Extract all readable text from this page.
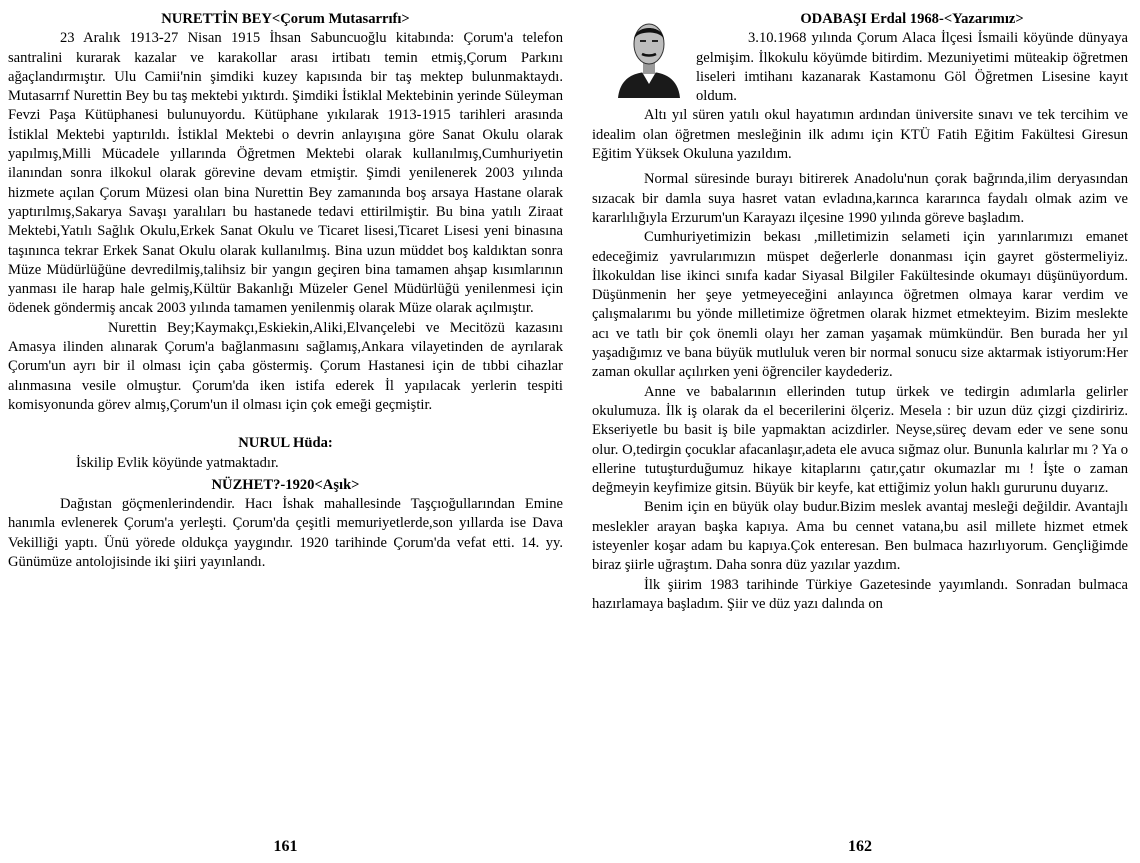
NURETTİN BEY<Çorum Mutasarrıfı>

23 Aralık 1913-27 Nisan 1915 İhsan Sabuncuoğlu kitabında: Çorum'a telefon santralini kurarak kazalar ve karakollar arası irtibatı temin etmiş,Çorum Parkını ağaçlandırmıştır. Ulu Camii'nin şimdiki kuzey kapısında bir taş mektep bulunmaktaydı. Mutasarrıf Nurettin Bey bu taş mektebi yıktırdı. Şimdiki İstiklal Mektebinin yerinde Süleyman Fevzi Paşa Kütüphanesi bulunuyordu. Kütüphane yıkılarak 1913-1915 tarihleri arasında İstiklal Mektebi yaptırıldı. İstiklal Mektebi o devrin anlayışına göre Sanat Okulu olarak yapılmış,Milli Mücadele yıllarında Öğretmen Mektebi olarak kullanılmış,Cumhuriyetin ilanından sonra ilkokul olarak görevine devam etmiştir. Şimdi yenilenerek 2003 yılında hizmete açılan Çorum Müzesi olan bina Nurettin Bey zamanında boş arsaya Hastane olarak yaptırılmış,Sakarya Savaşı yaralıları bu hastanede tedavi ettirilmiştir. Bu bina yatılı Ziraat Mektebi,Yatılı Sağlık Okulu,Erkek Sanat Okulu ve Ticaret lisesi,Ticaret Lisesi yeni binasına taşınınca tekrar Erkek Sanat Okulu olarak kullanılmış. Bina uzun müddet boş kaldıktan sonra Müze Müdürlüğüne devredilmiş,talihsiz bir yangın geçiren bina tamamen ahşap kısımlarının yanması ile harap hale gelmiş,Kültür Bakanlığı Müzeler Genel Müdürlüğü yenilenmesi için ödenek göndermiş ancak 2003 yılında tamamen yenilenmiş olarak Müze olarak açılmıştır.

Nurettin Bey;Kaymakçı,Eskiekin,Aliki,Elvançelebi ve Mecitözü kazasını Amasya ilinden alınarak Çorum'a bağlanmasını sağlamış,Ankara vilayetinden de ayrılarak Çorum'un ayrı bir il olması için çaba göstermiş. Çorum Hastanesi için de tıbbi cihazlar alınmasına vesile olmuştur. Çorum'da iken istifa ederek İl yapılacak yerlerin tespiti komisyonunda görev almış,Çorum'un il olması için çok emeği geçmiştir.

NURUL Hüda:

İskilip Evlik köyünde yatmaktadır.

NÜZHET?-1920<Aşık>

Dağıstan göçmenlerindendir. Hacı İshak mahallesinde Taşçıoğullarından Emine hanımla evlenerek Çorum'a yerleşti. Çorum'da çeşitli memuriyetlerde,son yıllarda ise Dava Vekilliği yaptı. Ünü yörede oldukça yaygındır. 1920 tarihinde Çorum'da vefat etti. 14. yy. Günümüze antolojisinde iki şiiri yayınlandı.

161
ODABAŞI Erdal 1968-<Yazarımız>

3.10.1968 yılında Çorum Alaca İlçesi İsmaili köyünde dünyaya gelmişim. İlkokulu köyümde bitirdim. Mezuniyetimi müteakip öğretmen liseleri imtihanı kazanarak Kastamonu Göl Öğretmen Lisesine kayıt oldum.

Altı yıl süren yatılı okul hayatımın ardından üniversite sınavı ve tek tercihim ve idealim olan öğretmen mesleğinin ilk adımı için KTÜ Fatih Eğitim Fakültesi Giresun Eğitim Yüksek Okuluna yazıldım.

Normal süresinde burayı bitirerek Anadolu'nun çorak bağrında,ilim deryasından sızacak bir damla suya hasret vatan evladına,karınca kararınca faydalı olmak azim ve kararlılığıyla Erzurum'un Karayazı ilçesine 1990 yılında göreve başladım.

Cumhuriyetimizin bekası ,milletimizin selameti için yarınlarımızı emanet edeceğimiz yavrularımızın müspet değerlerle donanması için gayret göstermeliyiz. İlkokuldan lise ikinci sınıfa kadar Siyasal Bilgiler Fakültesinde okumayı düşünüyordum. Düşünmenin her şeye yetmeyeceğini anlayınca öğretmen olmaya karar verdim ve çalışmalarımı bu yönde milletimize öğretmen olarak hizmet etmekteyim. Bizim meslekte acı ve tatlı bir çok önemli olayı her zaman yaşamak mümkündür. Ben burada her yıl yaşadığımız ve bana büyük mutluluk veren bir normal sonucu size aktarmak istiyorum:Her zaman okullar açılırken yeni öğrenciler kaydederiz.

Anne ve babalarının ellerinden tutup ürkek ve tedirgin adımlarla gelirler okulumuza. İlk iş olarak da el becerilerini ölçeriz. Mesela : bir uzun düz çizgi çizdiririz. Ekseriyetle bu basit iş bile yapmaktan acizdirler. Neyse,süreç devam eder ve sene sonu olur. O,tedirgin çocuklar afacanlaşır,adeta ele avuca sığmaz olur. Bununla kalırlar mı ? Ya o ellerine tutuşturduğumuz hikaye kitaplarını çatır,çatır okumazlar mı ! İşte o zaman değmeyin keyfimize gitsin. Büyük bir keyfe, kat ettiğimiz yolun haklı gururunu duyarız.

Benim için en büyük olay budur.Bizim meslek avantaj mesleği değildir. Avantajlı meslekler arayan başka kapıya. Ama bu cennet vatana,bu asil millete hizmet etmek isteyenler koşar adam bu kapıya.Çok enteresan. Ben bulmaca hazırlıyorum. Gençliğimde biraz şiirle uğraştım. Daha sonra düz yazılar yazdım.

İlk şiirim 1983 tarihinde Türkiye Gazetesinde yayımlandı. Sonradan bulmaca hazırlamaya başladım. Şiir ve düz yazı dalında on

162
